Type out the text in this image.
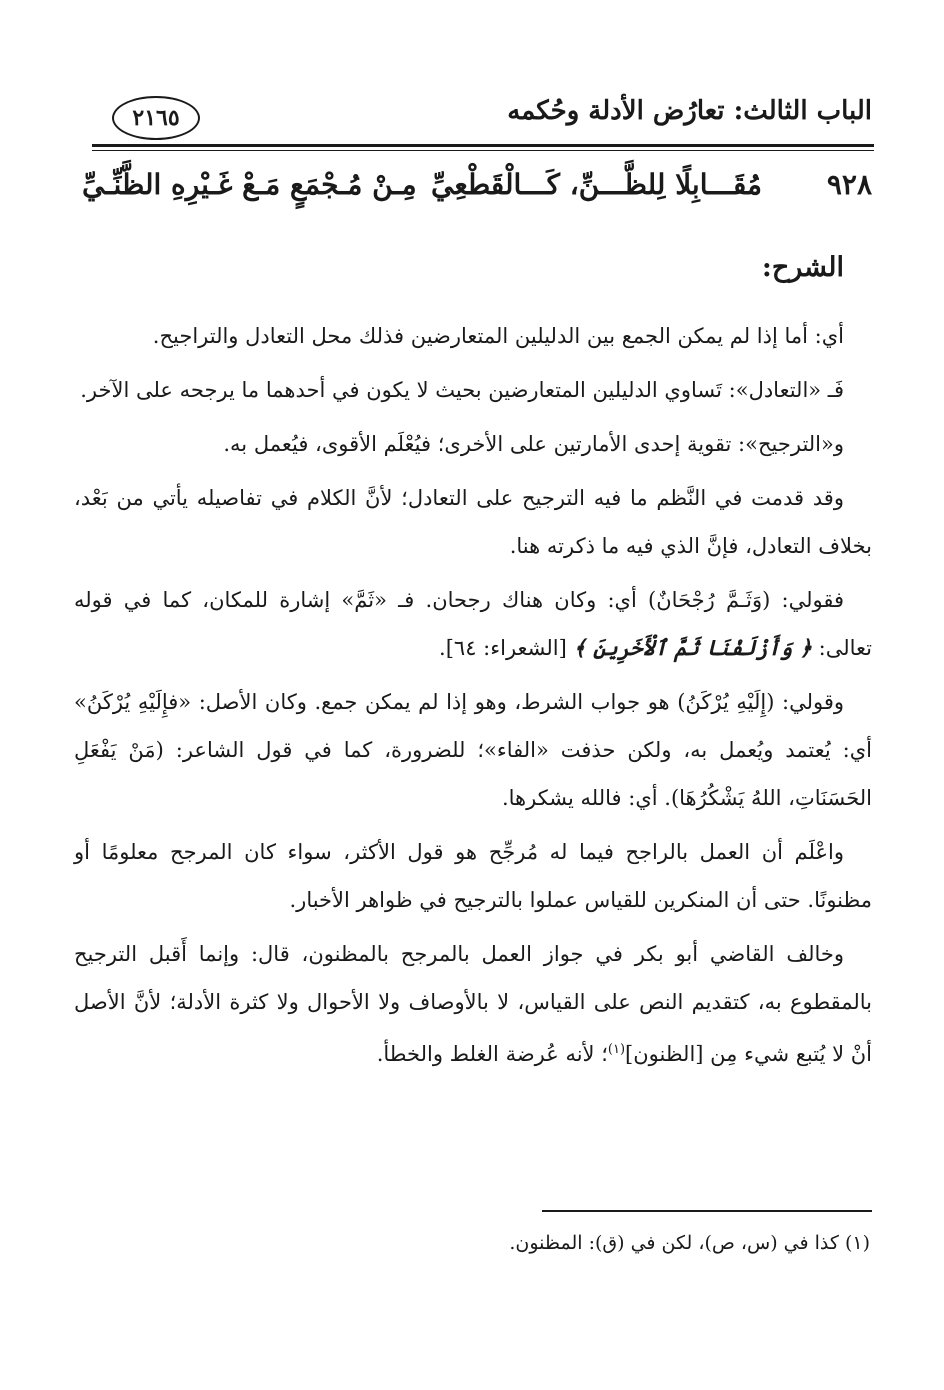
الباب الثالث: تعارُض الأدلة وحُكمه
٢١٦٥
٩٢٨
مُقَـــابِلًا لِلظَّـــنِّ، كَـــالْقَطْعِيِّ
مِـنْ مُـجْمَعٍ مَـعْ غَـيْرِهِ الظَّنِّـيِّ
الشرح:

أي: أما إذا لم يمكن الجمع بين الدليلين المتعارضين فذلك محل التعادل والتراجيح.

فَـ «التعادل»: تَساوي الدليلين المتعارضين بحيث لا يكون في أحدهما ما يرجحه على الآخر.

و«الترجيح»: تقوية إحدى الأمارتين على الأخرى؛ فيُعْلَم الأقوى، فيُعمل به.

وقد قدمت في النَّظم ما فيه الترجيح على التعادل؛ لأنَّ الكلام في تفاصيله يأتي من بَعْد، بخلاف التعادل، فإنَّ الذي فيه ما ذكرته هنا.

فقولي: (وَثَـمَّ رُجْحَانٌ) أي: وكان هناك رجحان. فـ «ثَمَّ» إشارة للمكان، كما في قوله تعالى: ﴿ وَأَزْلَفْنَا ثَمَّ ٱلْأَخَرِينَ ﴾ [الشعراء: ٦٤].

وقولي: (إِلَيْهِ يُرْكَنُ) هو جواب الشرط، وهو إذا لم يمكن جمع. وكان الأصل: «فإِلَيْهِ يُرْكَنُ» أي: يُعتمد ويُعمل به، ولكن حذفت «الفاء»؛ للضرورة، كما في قول الشاعر: (مَنْ يَفْعَلِ الحَسَنَاتِ، اللهُ يَشْكُرُهَا). أي: فالله يشكرها.

واعْلَم أن العمل بالراجح فيما له مُرجِّح هو قول الأكثر، سواء كان المرجح معلومًا أو مظنونًا. حتى أن المنكرين للقياس عملوا بالترجيح في ظواهر الأخبار.

وخالف القاضي أبو بكر في جواز العمل بالمرجح بالمظنون، قال: وإنما أَقبل الترجيح بالمقطوع به، كتقديم النص على القياس، لا بالأوصاف ولا الأحوال ولا كثرة الأدلة؛ لأنَّ الأصل أنْ لا يُتبع شيء مِن [الظنون]$^{(١)}$؛ لأنه عُرضة الغلط والخطأ.

(١) كذا في (س، ص)، لكن في (ق): المظنون.
